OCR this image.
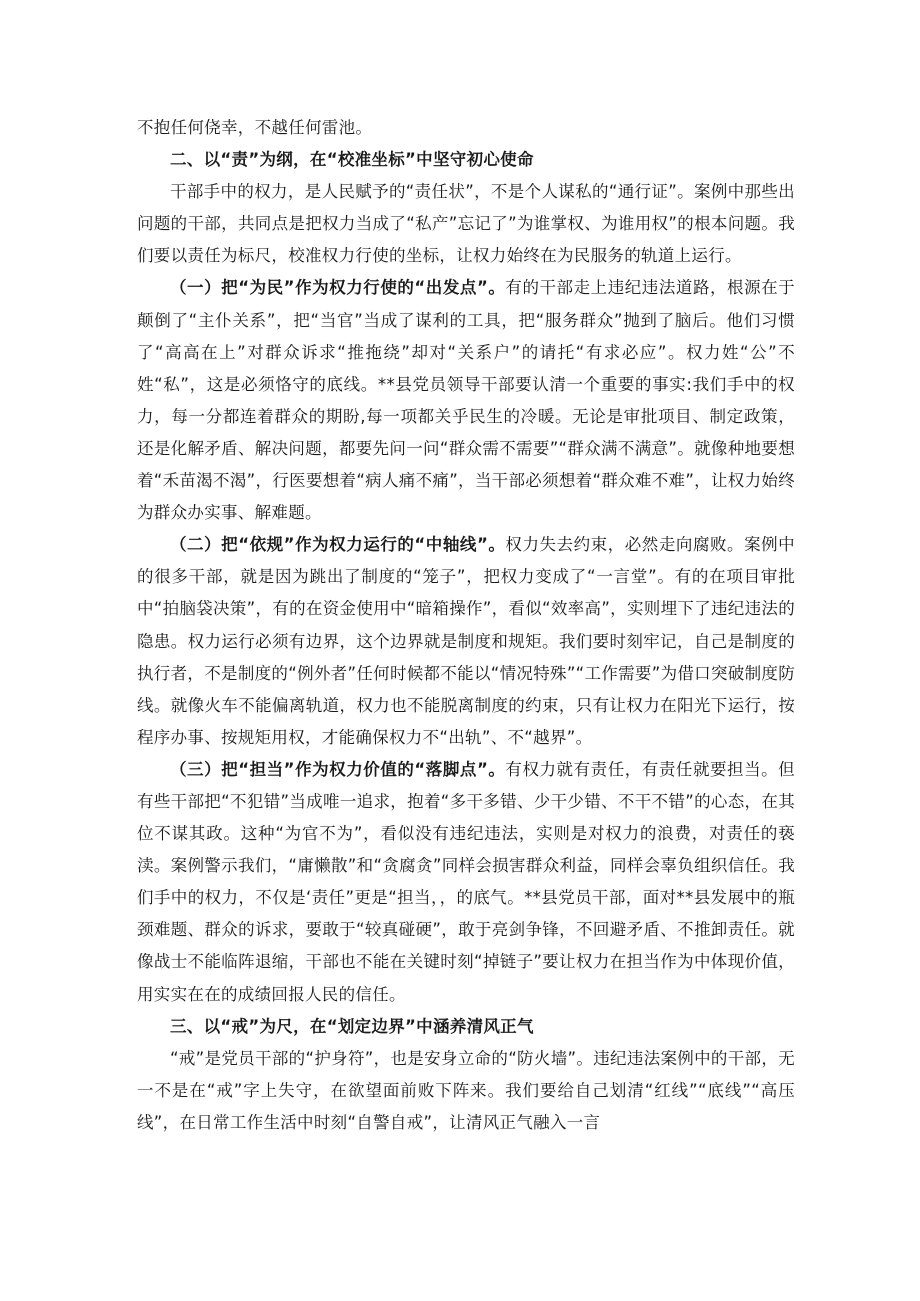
不抱任何侥幸，不越任何雷池。

二、以“责”为纲，在“校准坐标”中坚守初心使命

干部手中的权力，是人民赋予的“责任状”，不是个人谋私的“通行证”。案例中那些出问题的干部，共同点是把权力当成了“私产”忘记了”为谁掌权、为谁用权”的根本问题。我们要以责任为标尺，校准权力行使的坐标，让权力始终在为民服务的轨道上运行。

（一）把“为民”作为权力行使的“出发点”。有的干部走上违纪违法道路，根源在于颠倒了“主仆关系”，把“当官”当成了谋利的工具，把“服务群众”抛到了脑后。他们习惯了“高高在上”对群众诉求“推拖绕”却对“关系户”的请托“有求必应”。权力姓“公”不姓“私”，这是必须恪守的底线。**县党员领导干部要认清一个重要的事实:我们手中的权力，每一分都连着群众的期盼,每一项都关乎民生的冷暖。无论是审批项目、制定政策，还是化解矛盾、解决问题，都要先问一问“群众需不需要”“群众满不满意”。就像种地要想着“禾苗渴不渴”，行医要想着“病人痛不痛”，当干部必须想着“群众难不难”，让权力始终为群众办实事、解难题。

（二）把“依规”作为权力运行的“中轴线”。权力失去约束，必然走向腐败。案例中的很多干部，就是因为跳出了制度的“笼子”，把权力变成了“一言堂”。有的在项目审批中“拍脑袋决策”，有的在资金使用中“暗箱操作”，看似“效率高”，实则埋下了违纪违法的隐患。权力运行必须有边界，这个边界就是制度和规矩。我们要时刻牢记，自己是制度的执行者，不是制度的“例外者”任何时候都不能以“情况特殊”“工作需要”为借口突破制度防线。就像火车不能偏离轨道，权力也不能脱离制度的约束，只有让权力在阳光下运行，按程序办事、按规矩用权，才能确保权力不“出轨”、不“越界”。

（三）把“担当”作为权力价值的“落脚点”。有权力就有责任，有责任就要担当。但有些干部把“不犯错”当成唯一追求，抱着“多干多错、少干少错、不干不错”的心态，在其位不谋其政。这种“为官不为”，看似没有违纪违法，实则是对权力的浪费，对责任的亵渎。案例警示我们，“庸懒散”和“贪腐贪”同样会损害群众利益，同样会辜负组织信任。我们手中的权力，不仅是‘责任”更是“担当，，的底气。**县党员干部，面对**县发展中的瓶颈难题、群众的诉求，要敢于“较真碰硬”，敢于亮剑争锋，不回避矛盾、不推卸责任。就像战士不能临阵退缩，干部也不能在关键时刻“掉链子”要让权力在担当作为中体现价值，用实实在在的成绩回报人民的信任。

三、以“戒”为尺，在“划定边界”中涵养清风正气

“戒”是党员干部的“护身符”，也是安身立命的“防火墙”。违纪违法案例中的干部，无一不是在“戒”字上失守，在欲望面前败下阵来。我们要给自己划清“红线”“底线”“高压线”，在日常工作生活中时刻“自警自戒”，让清风正气融入一言
